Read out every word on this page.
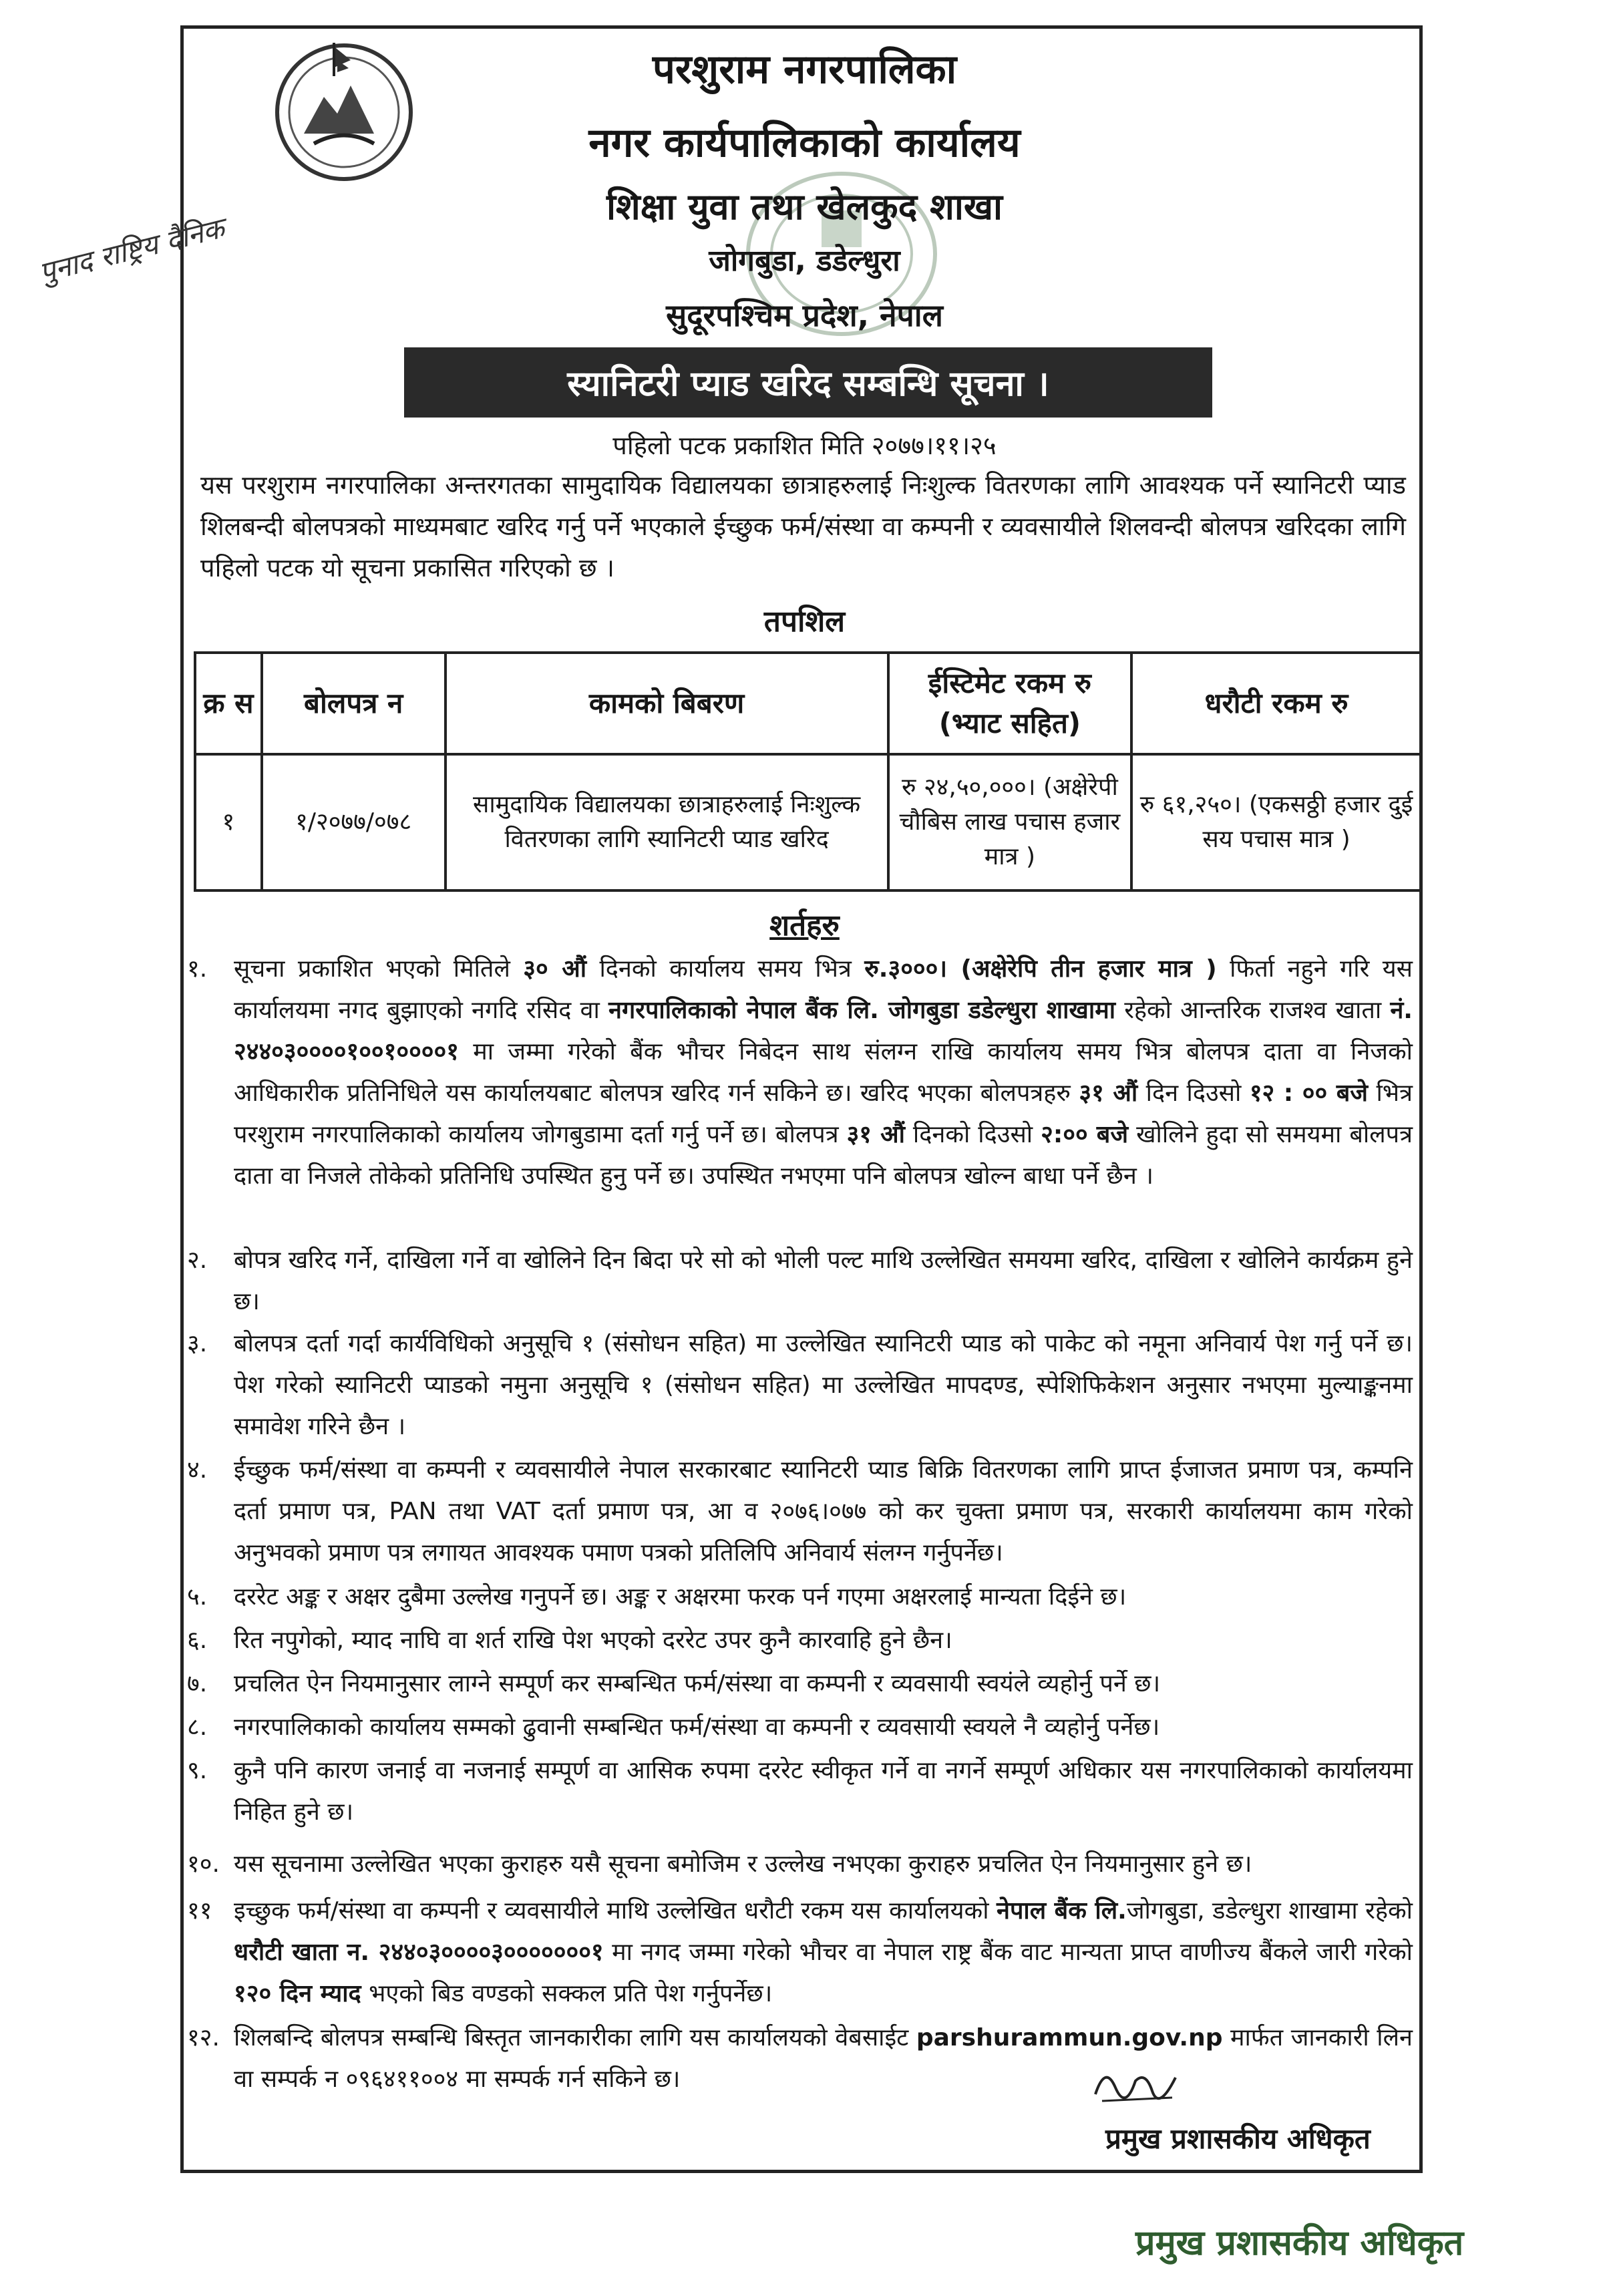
पुनाद राष्ट्रिय दैनिक
परशुराम नगरपालिका
नगर कार्यपालिकाको कार्यालय
शिक्षा युवा तथा खेलकुद शाखा
जोगबुडा, डडेल्धुरा
सुदूरपश्चिम प्रदेश, नेपाल
स्यानिटरी प्याड खरिद सम्बन्धि सूचना ।
पहिलो पटक प्रकाशित मिति २०७७।११।२५
यस परशुराम नगरपालिका अन्तरगतका सामुदायिक विद्यालयका छात्राहरुलाई निःशुल्क वितरणका लागि आवश्यक पर्ने स्यानिटरी प्याड शिलबन्दी बोलपत्रको माध्यमबाट खरिद गर्नु पर्ने भएकाले ईच्छुक फर्म/संस्था वा कम्पनी र व्यवसायीले शिलवन्दी बोलपत्र खरिदका लागि पहिलो पटक यो सूचना प्रकासित गरिएको छ ।
तपशिल
क्र स	बोलपत्र न	कामको बिबरण	ईस्टिमेट रकम रु (भ्याट सहित)	धरौटी रकम रु
१	१/२०७७/०७८	सामुदायिक विद्यालयका छात्राहरुलाई निःशुल्क वितरणका लागि स्यानिटरी प्याड खरिद	रु २४,५०,०००। (अक्षेरेपी चौबिस लाख पचास हजार मात्र )	रु ६१,२५०। (एकसठ्ठी हजार दुई सय पचास मात्र )
शर्तहरु
१. सूचना प्रकाशित भएको मितिले ३० औं दिनको कार्यालय समय भित्र रु.३०००। (अक्षेरेपि तीन हजार मात्र ) फिर्ता नहुने गरि यस कार्यालयमा नगद बुझाएको नगदि रसिद वा नगरपालिकाको नेपाल बैंक लि. जोगबुडा डडेल्धुरा शाखामा रहेको आन्तरिक राजश्व खाता नं. २४४०३००००१००१००००१ मा जम्मा गरेको बैंक भौचर निबेदन साथ संलग्न राखि कार्यालय समय भित्र बोलपत्र दाता वा निजको आधिकारीक प्रतिनिधिले यस कार्यालयबाट बोलपत्र खरिद गर्न सकिने छ। खरिद भएका बोलपत्रहरु ३१ औं दिन दिउसो १२ : ०० बजे भित्र परशुराम नगरपालिकाको कार्यालय जोगबुडामा दर्ता गर्नु पर्ने छ। बोलपत्र ३१ औं दिनको दिउसो २:०० बजे खोलिने हुदा सो समयमा बोलपत्र दाता वा निजले तोकेको प्रतिनिधि उपस्थित हुनु पर्ने छ। उपस्थित नभएमा पनि बोलपत्र खोल्न बाधा पर्ने छैन ।
२. बोपत्र खरिद गर्ने, दाखिला गर्ने वा खोलिने दिन बिदा परे सो को भोली पल्ट माथि उल्लेखित समयमा खरिद, दाखिला र खोलिने कार्यक्रम हुने छ।
३. बोलपत्र दर्ता गर्दा कार्यविधिको अनुसूचि १ (संसोधन सहित) मा उल्लेखित स्यानिटरी प्याड को पाकेट को नमूना अनिवार्य पेश गर्नु पर्ने छ। पेश गरेको स्यानिटरी प्याडको नमुना अनुसूचि १ (संसोधन सहित) मा उल्लेखित मापदण्ड, स्पेशिफिकेशन अनुसार नभएमा मुल्याङ्कनमा समावेश गरिने छैन ।
४. ईच्छुक फर्म/संस्था वा कम्पनी र व्यवसायीले नेपाल सरकारबाट स्यानिटरी प्याड बिक्रि वितरणका लागि प्राप्त ईजाजत प्रमाण पत्र, कम्पनि दर्ता प्रमाण पत्र, PAN तथा VAT दर्ता प्रमाण पत्र, आ व २०७६।०७७ को कर चुक्ता प्रमाण पत्र, सरकारी कार्यालयमा काम गरेको अनुभवको प्रमाण पत्र लगायत आवश्यक पमाण पत्रको प्रतिलिपि अनिवार्य संलग्न गर्नुपर्नेछ।
५. दररेट अङ्क र अक्षर दुबैमा उल्लेख गनुपर्ने छ। अङ्क र अक्षरमा फरक पर्न गएमा अक्षरलाई मान्यता दिईने छ।
६. रित नपुगेको, म्याद नाघि वा शर्त राखि पेश भएको दररेट उपर कुनै कारवाहि हुने छैन।
७. प्रचलित ऐन नियमानुसार लाग्ने सम्पूर्ण कर सम्बन्धित फर्म/संस्था वा कम्पनी र व्यवसायी स्वयंले व्यहोर्नु पर्ने छ।
८. नगरपालिकाको कार्यालय सम्मको ढुवानी सम्बन्धित फर्म/संस्था वा कम्पनी र व्यवसायी स्वयले नै व्यहोर्नु पर्नेछ।
९. कुनै पनि कारण जनाई वा नजनाई सम्पूर्ण वा आसिक रुपमा दररेट स्वीकृत गर्ने वा नगर्ने सम्पूर्ण अधिकार यस नगरपालिकाको कार्यालयमा निहित हुने छ।
१०. यस सूचनामा उल्लेखित भएका कुराहरु यसै सूचना बमोजिम र उल्लेख नभएका कुराहरु प्रचलित ऐन नियमानुसार हुने छ।
११ इच्छुक फर्म/संस्था वा कम्पनी र व्यवसायीले माथि उल्लेखित धरौटी रकम यस कार्यालयको नेपाल बैंक लि.जोगबुडा, डडेल्धुरा शाखामा रहेको धरौटी खाता न. २४४०३००००३०००००००१ मा नगद जम्मा गरेको भौचर वा नेपाल राष्ट्र बैंक वाट मान्यता प्राप्त वाणीज्य बैंकले जारी गरेको १२० दिन म्याद भएको बिड वण्डको सक्कल प्रति पेश गर्नुपर्नेछ।
१२. शिलबन्दि बोलपत्र सम्बन्धि बिस्तृत जानकारीका लागि यस कार्यालयको वेबसाईट parshurammun.gov.np मार्फत जानकारी लिन वा सम्पर्क न ०९६४११००४ मा सम्पर्क गर्न सकिने छ।
प्रमुख प्रशासकीय अधिकृत
प्रमुख प्रशासकीय अधिकृत
